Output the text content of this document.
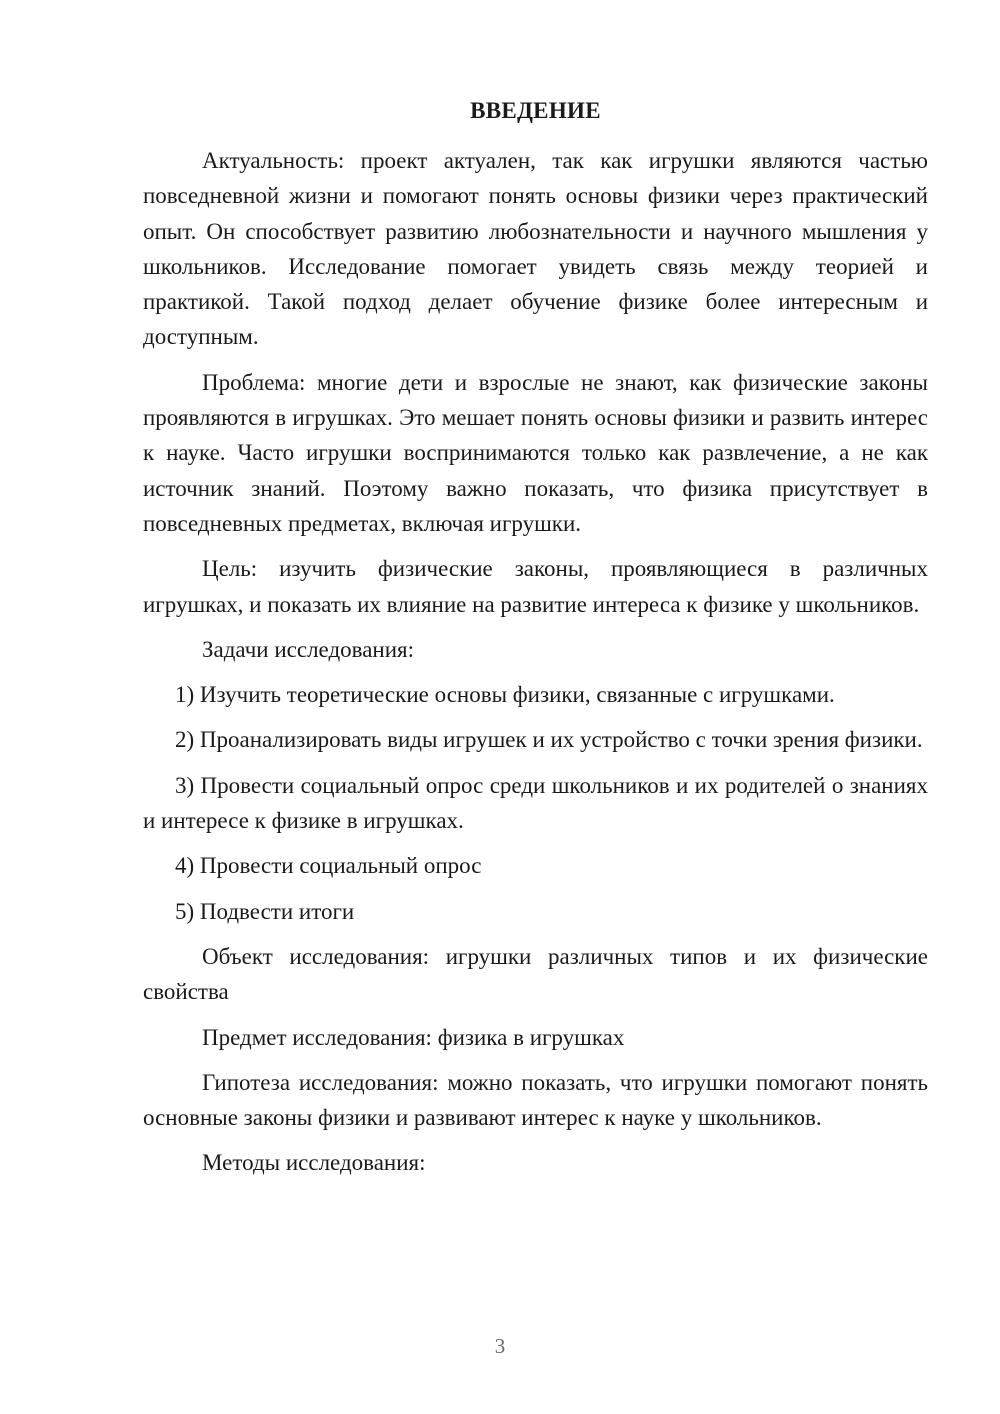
ВВЕДЕНИЕ

Актуальность: проект актуален, так как игрушки являются частью повседневной жизни и помогают понять основы физики через практический опыт. Он способствует развитию любознательности и научного мышления у школьников. Исследование помогает увидеть связь между теорией и практикой. Такой подход делает обучение физике более интересным и доступным.

Проблема: многие дети и взрослые не знают, как физические законы проявляются в игрушках. Это мешает понять основы физики и развить интерес к науке. Часто игрушки воспринимаются только как развлечение, а не как источник знаний. Поэтому важно показать, что физика присутствует в повседневных предметах, включая игрушки.

Цель: изучить физические законы, проявляющиеся в различных игрушках, и показать их влияние на развитие интереса к физике у школьников.

Задачи исследования:

1) Изучить теоретические основы физики, связанные с игрушками.

2) Проанализировать виды игрушек и их устройство с точки зрения физики.

3) Провести социальный опрос среди школьников и их родителей о знаниях и интересе к физике в игрушках.

4) Провести социальный опрос

5) Подвести итоги

Объект исследования: игрушки различных типов и их физические свойства

Предмет исследования: физика в игрушках

Гипотеза исследования: можно показать, что игрушки помогают понять основные законы физики и развивают интерес к науке у школьников.

Методы исследования:

3
